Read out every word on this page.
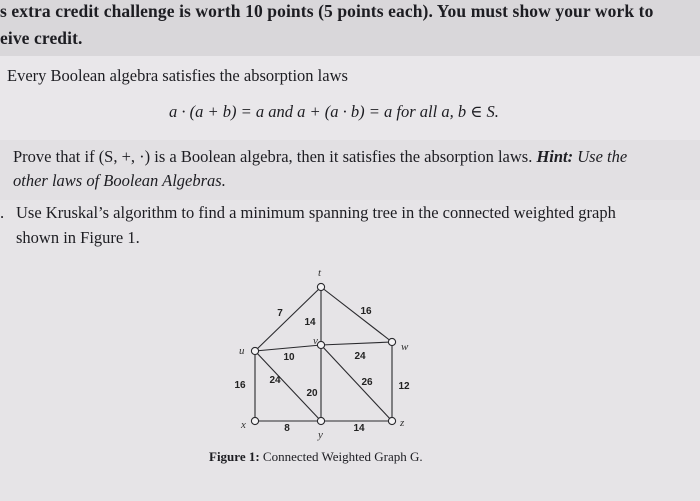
s extra credit challenge is worth 10 points (5 points each). You must show your work to
eive credit.
Every Boolean algebra satisfies the absorption laws
a · (a + b) = a and a + (a · b) = a for all a, b ∈ S.
Prove that if (S, +, ·) is a Boolean algebra, then it satisfies the absorption laws. Hint: Use the
other laws of Boolean Algebras.
. Use Kruskal’s algorithm to find a minimum spanning tree in the connected weighted graph
shown in Figure 1.
7
14
16
10
16 24
24
20
26	12
8	14
t
u
v	w
x
y
z
Figure 1: Connected Weighted Graph G.
